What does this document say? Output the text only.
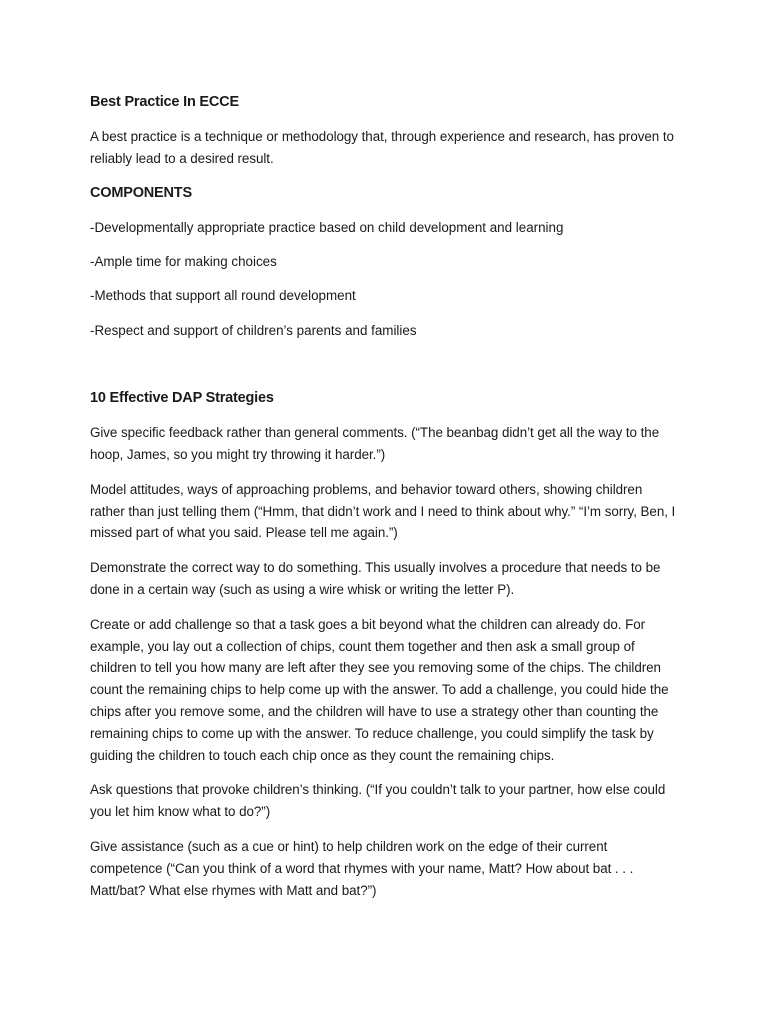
Best Practice In ECCE

A best practice is a technique or methodology that, through experience and research, has proven to reliably lead to a desired result.

COMPONENTS

-Developmentally appropriate practice based on child development and learning

-Ample time for making choices

-Methods that support all round development

-Respect and support of children’s parents and families

10 Effective DAP Strategies

Give specific feedback rather than general comments. (“The beanbag didn’t get all the way to the hoop, James, so you might try throwing it harder.”)

Model attitudes, ways of approaching problems, and behavior toward others, showing children rather than just telling them (“Hmm, that didn’t work and I need to think about why.” “I’m sorry, Ben, I missed part of what you said. Please tell me again.”)

Demonstrate the correct way to do something. This usually involves a procedure that needs to be done in a certain way (such as using a wire whisk or writing the letter P).

Create or add challenge so that a task goes a bit beyond what the children can already do. For example, you lay out a collection of chips, count them together and then ask a small group of children to tell you how many are left after they see you removing some of the chips. The children count the remaining chips to help come up with the answer. To add a challenge, you could hide the chips after you remove some, and the children will have to use a strategy other than counting the remaining chips to come up with the answer. To reduce challenge, you could simplify the task by guiding the children to touch each chip once as they count the remaining chips.

Ask questions that provoke children’s thinking. (“If you couldn’t talk to your partner, how else could you let him know what to do?”)

Give assistance (such as a cue or hint) to help children work on the edge of their current competence (“Can you think of a word that rhymes with your name, Matt? How about bat . . . Matt/bat? What else rhymes with Matt and bat?”)
